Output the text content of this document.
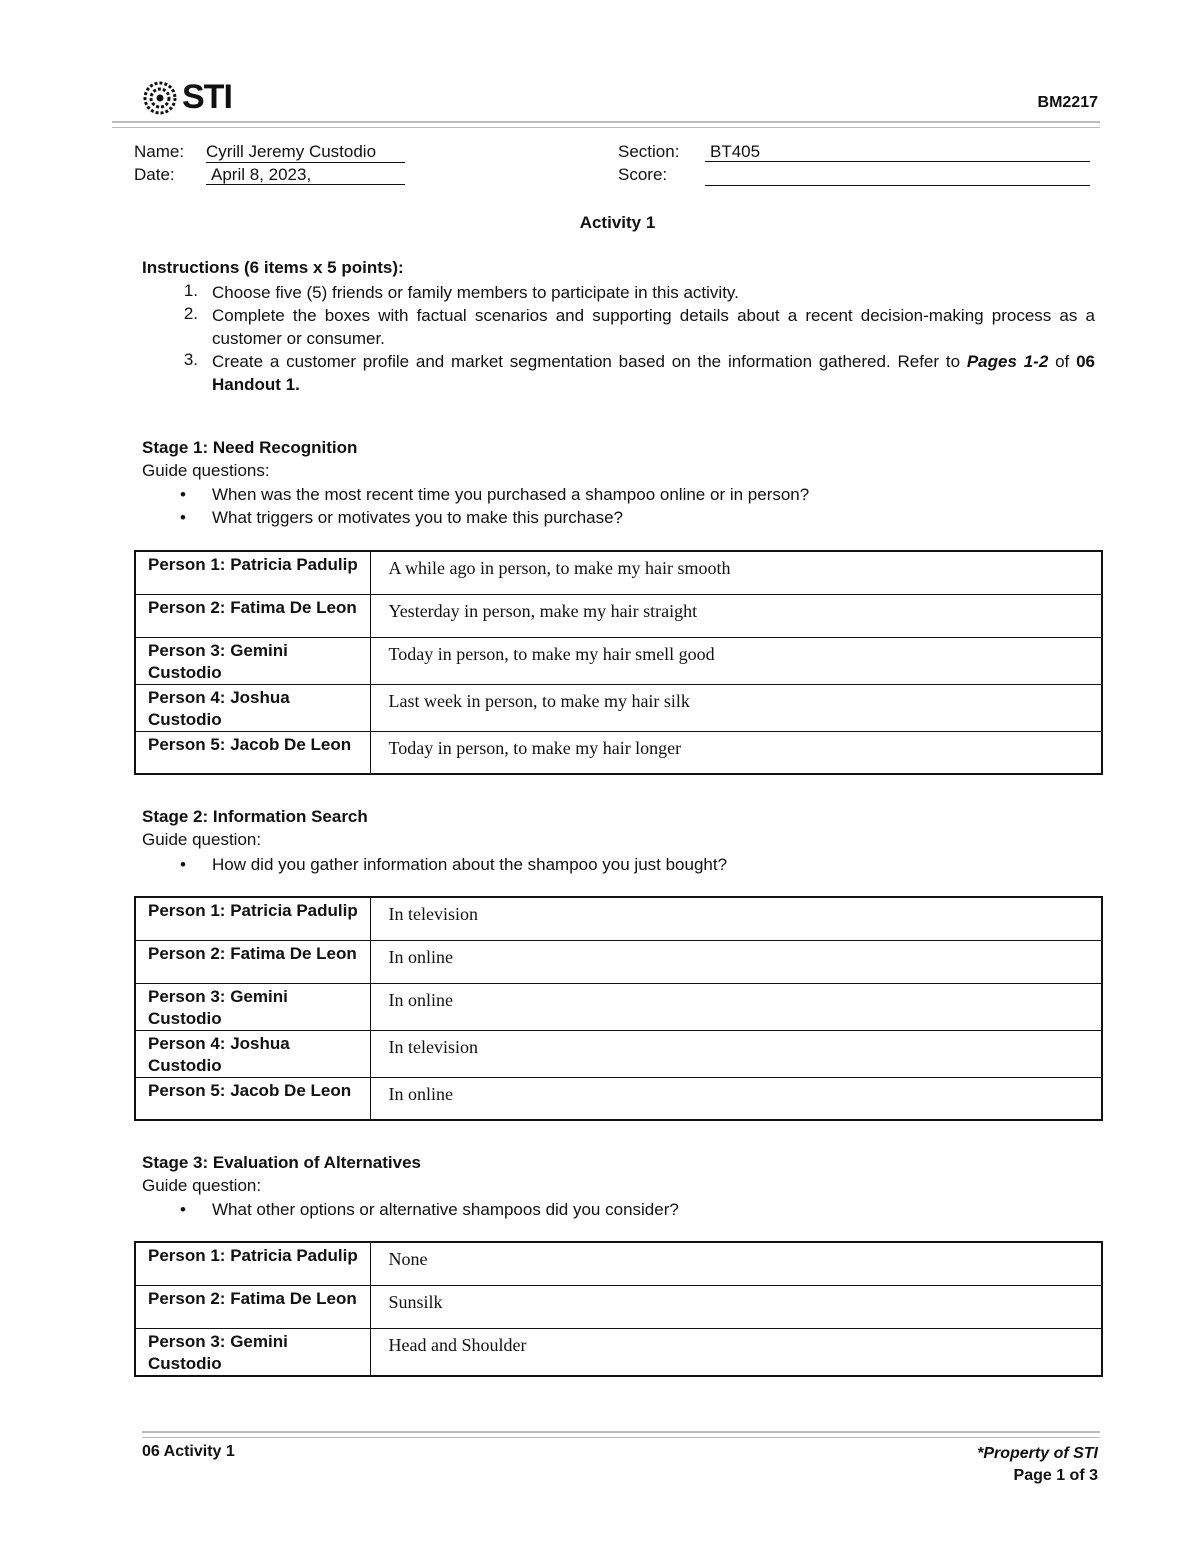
STI	BM2217
Name: Cyrill Jeremy Custodio
Date: April 8, 2023,
Section: BT405
Score:
Activity 1
Instructions (6 items x 5 points):
1. Choose five (5) friends or family members to participate in this activity.
2. Complete the boxes with factual scenarios and supporting details about a recent decision-making process as a customer or consumer.
3. Create a customer profile and market segmentation based on the information gathered. Refer to Pages 1-2 of 06 Handout 1.
Stage 1: Need Recognition
Guide questions:
•	When was the most recent time you purchased a shampoo online or in person?
•	What triggers or motivates you to make this purchase?
Person 1: Patricia Padulip	A while ago in person, to make my hair smooth
Person 2: Fatima De Leon	Yesterday in person, make my hair straight
Person 3: Gemini Custodio	Today in person, to make my hair smell good
Person 4: Joshua Custodio	Last week in person, to make my hair silk
Person 5: Jacob De Leon	Today in person, to make my hair longer
Stage 2: Information Search
Guide question:
•	How did you gather information about the shampoo you just bought?
Person 1: Patricia Padulip	In television
Person 2: Fatima De Leon	In online
Person 3: Gemini Custodio	In online
Person 4: Joshua Custodio	In television
Person 5: Jacob De Leon	In online
Stage 3: Evaluation of Alternatives
Guide question:
•	What other options or alternative shampoos did you consider?
Person 1: Patricia Padulip	None
Person 2: Fatima De Leon	Sunsilk
Person 3: Gemini Custodio	Head and Shoulder
06 Activity 1	*Property of STI
Page 1 of 3
